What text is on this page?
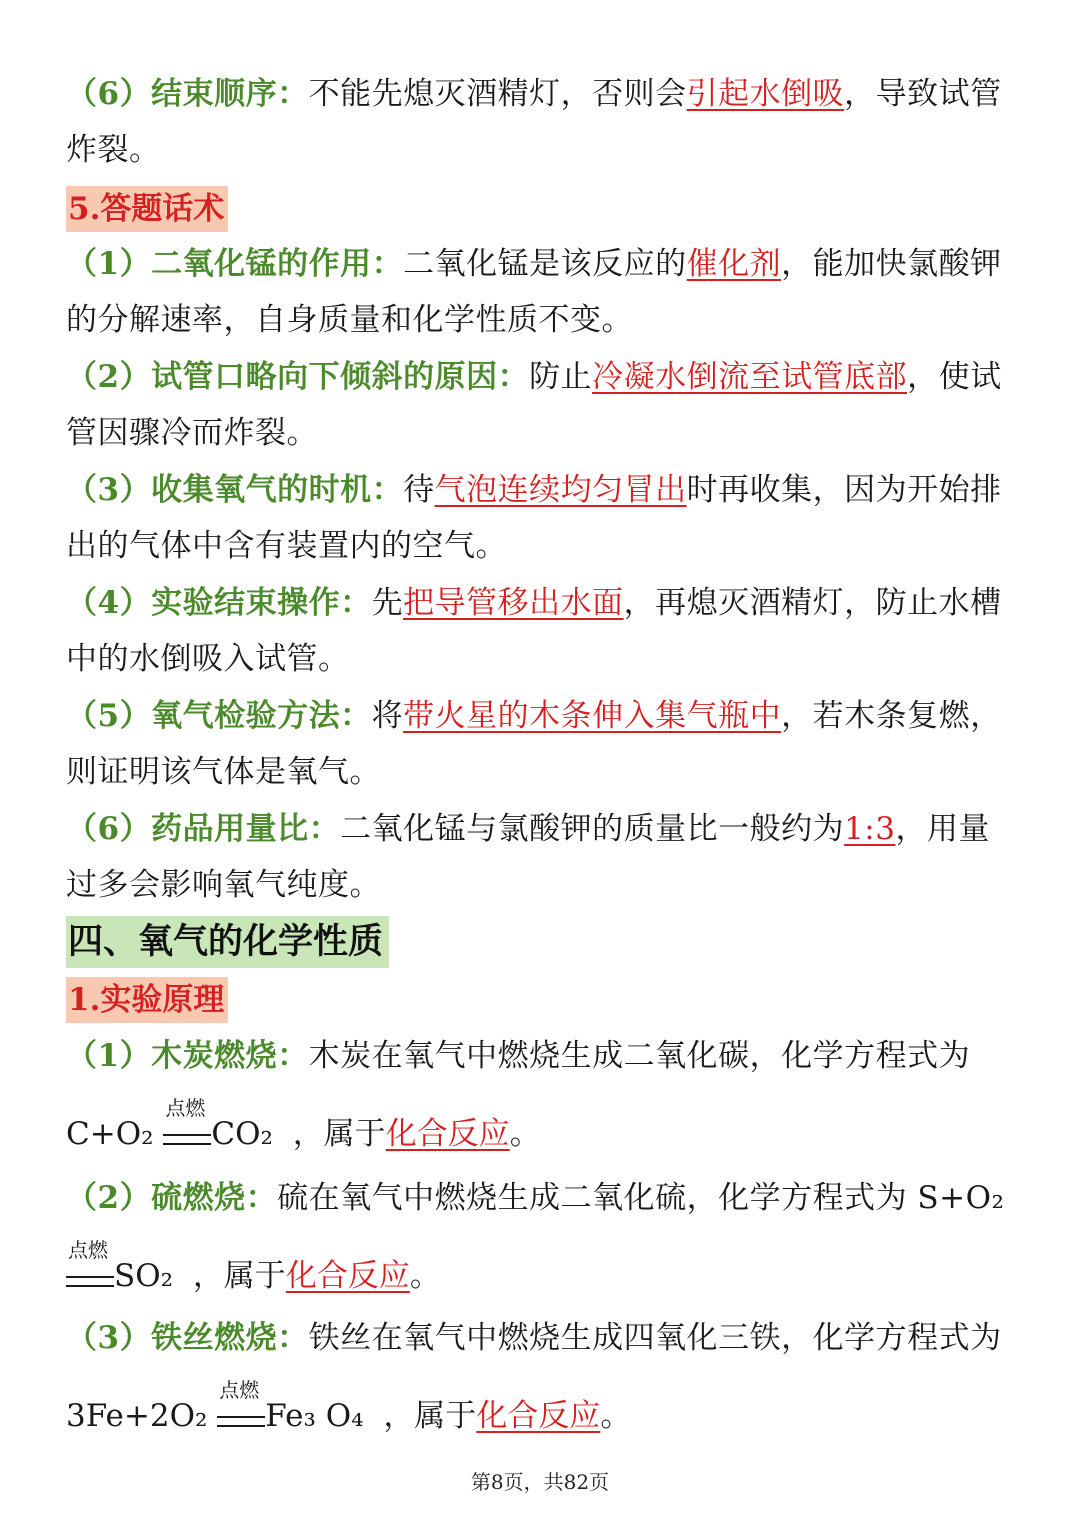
（6）结束顺序：不能先熄灭酒精灯，否则会引起水倒吸，导致试管炸裂。

5.答题话术

（1）二氧化锰的作用：二氧化锰是该反应的催化剂，能加快氯酸钾的分解速率，自身质量和化学性质不变。

（2）试管口略向下倾斜的原因：防止冷凝水倒流至试管底部，使试管因骤冷而炸裂。

（3）收集氧气的时机：待气泡连续均匀冒出时再收集，因为开始排出的气体中含有装置内的空气。

（4）实验结束操作：先把导管移出水面，再熄灭酒精灯，防止水槽中的水倒吸入试管。

（5）氧气检验方法：将带火星的木条伸入集气瓶中，若木条复燃，则证明该气体是氧气。

（6）药品用量比：二氧化锰与氯酸钾的质量比一般约为1:3，用量过多会影响氧气纯度。

四、氧气的化学性质
1.实验原理

（1）木炭燃烧：木炭在氧气中燃烧生成二氧化碳，化学方程式为

C+O₂
点燃
CO₂ ，属于化合反应。

（2）硫燃烧：硫在氧气中燃烧生成二氧化硫，化学方程式为 S+O₂

点燃
SO₂ ，属于化合反应。

（3）铁丝燃烧：铁丝在氧气中燃烧生成四氧化三铁，化学方程式为

3Fe+2O₂
点燃
Fe₃ O₄ ，属于化合反应。
第8页，共82页
